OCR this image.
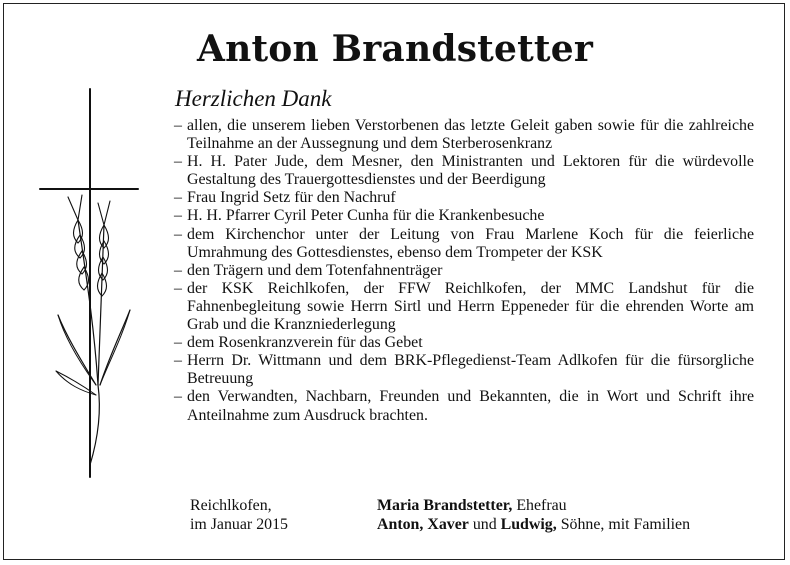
Anton Brandstetter
Herzlichen Dank
– allen, die unserem lieben Verstorbenen das letzte Geleit gaben sowie für die zahlreiche Teilnahme an der Aussegnung und dem Sterberosenkranz
– H. H. Pater Jude, dem Mesner, den Ministranten und Lektoren für die würdevolle Gestaltung des Trauergottesdienstes und der Beerdigung
– Frau Ingrid Setz für den Nachruf
– H. H. Pfarrer Cyril Peter Cunha für die Krankenbesuche
– dem Kirchenchor unter der Leitung von Frau Marlene Koch für die feierliche Umrahmung des Gottesdienstes, ebenso dem Trompeter der KSK
– den Trägern und dem Totenfahnenträger
– der KSK Reichlkofen, der FFW Reichlkofen, der MMC Landshut für die Fahnenbegleitung sowie Herrn Sirtl und Herrn Eppeneder für die ehrenden Worte am Grab und die Kranzniederlegung
– dem Rosenkranzverein für das Gebet
– Herrn Dr. Wittmann und dem BRK-Pflegedienst-Team Adlkofen für die fürsorgliche Betreuung
– den Verwandten, Nachbarn, Freunden und Bekannten, die in Wort und Schrift ihre Anteilnahme zum Ausdruck brachten.
Reichlkofen,
im Januar 2015
Maria Brandstetter, Ehefrau
Anton, Xaver und Ludwig, Söhne, mit Familien
